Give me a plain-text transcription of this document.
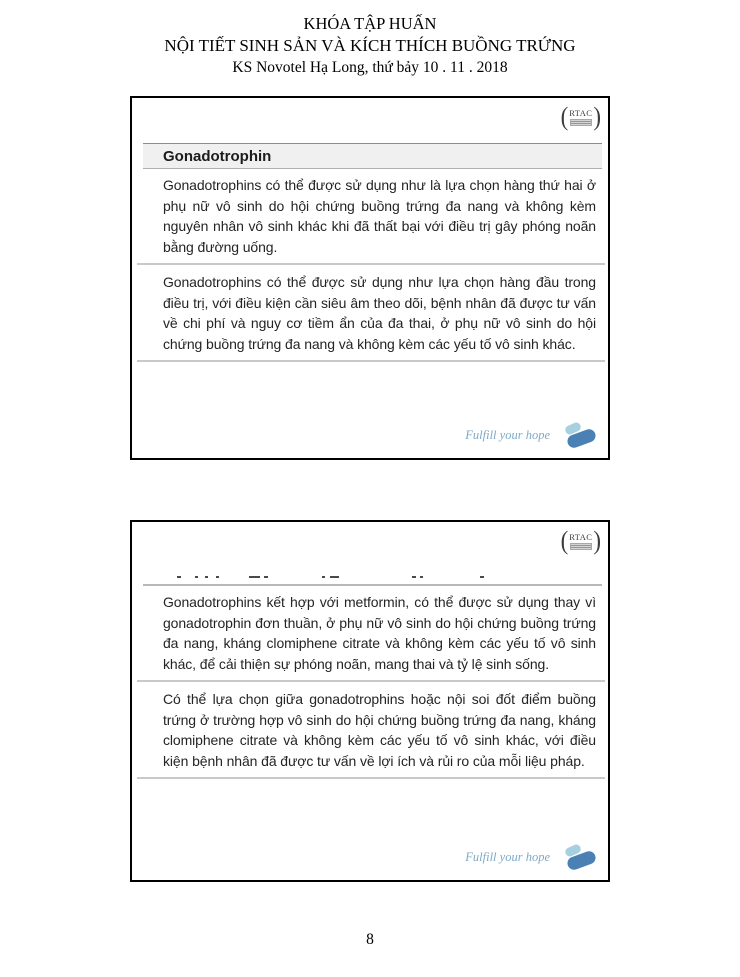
KHÓA TẬP HUẤN
NỘI TIẾT SINH SẢN VÀ KÍCH THÍCH BUỒNG TRỨNG
KS Novotel Hạ Long, thứ bảy 10 . 11 . 2018
( RTAC )
Gonadotrophin

Gonadotrophins có thể được sử dụng như là lựa chọn hàng thứ hai ở phụ nữ vô sinh do hội chứng buồng trứng đa nang và không kèm nguyên nhân vô sinh khác khi đã thất bại với điều trị gây phóng noãn bằng đường uống.

Gonadotrophins có thể được sử dụng như lựa chọn hàng đầu trong điều trị, với điều kiện cần siêu âm theo dõi, bệnh nhân đã được tư vấn về chi phí và nguy cơ tiềm ẩn của đa thai, ở phụ nữ vô sinh do hội chứng buồng trứng đa nang và không kèm các yếu tố vô sinh khác.

Fulfill your hope
( RTAC )

Gonadotrophins kết hợp với metformin, có thể được sử dụng thay vì gonadotrophin đơn thuần, ở phụ nữ vô sinh do hội chứng buồng trứng đa nang, kháng clomiphene citrate và không kèm các yếu tố vô sinh khác, để cải thiện sự phóng noãn, mang thai và tỷ lệ sinh sống.

Có thể lựa chọn giữa gonadotrophins hoặc nội soi đốt điểm buồng trứng ở trường hợp vô sinh do hội chứng buồng trứng đa nang, kháng clomiphene citrate và không kèm các yếu tố vô sinh khác, với điều kiện bệnh nhân đã được tư vấn về lợi ích và rủi ro của mỗi liệu pháp.

Fulfill your hope
8
